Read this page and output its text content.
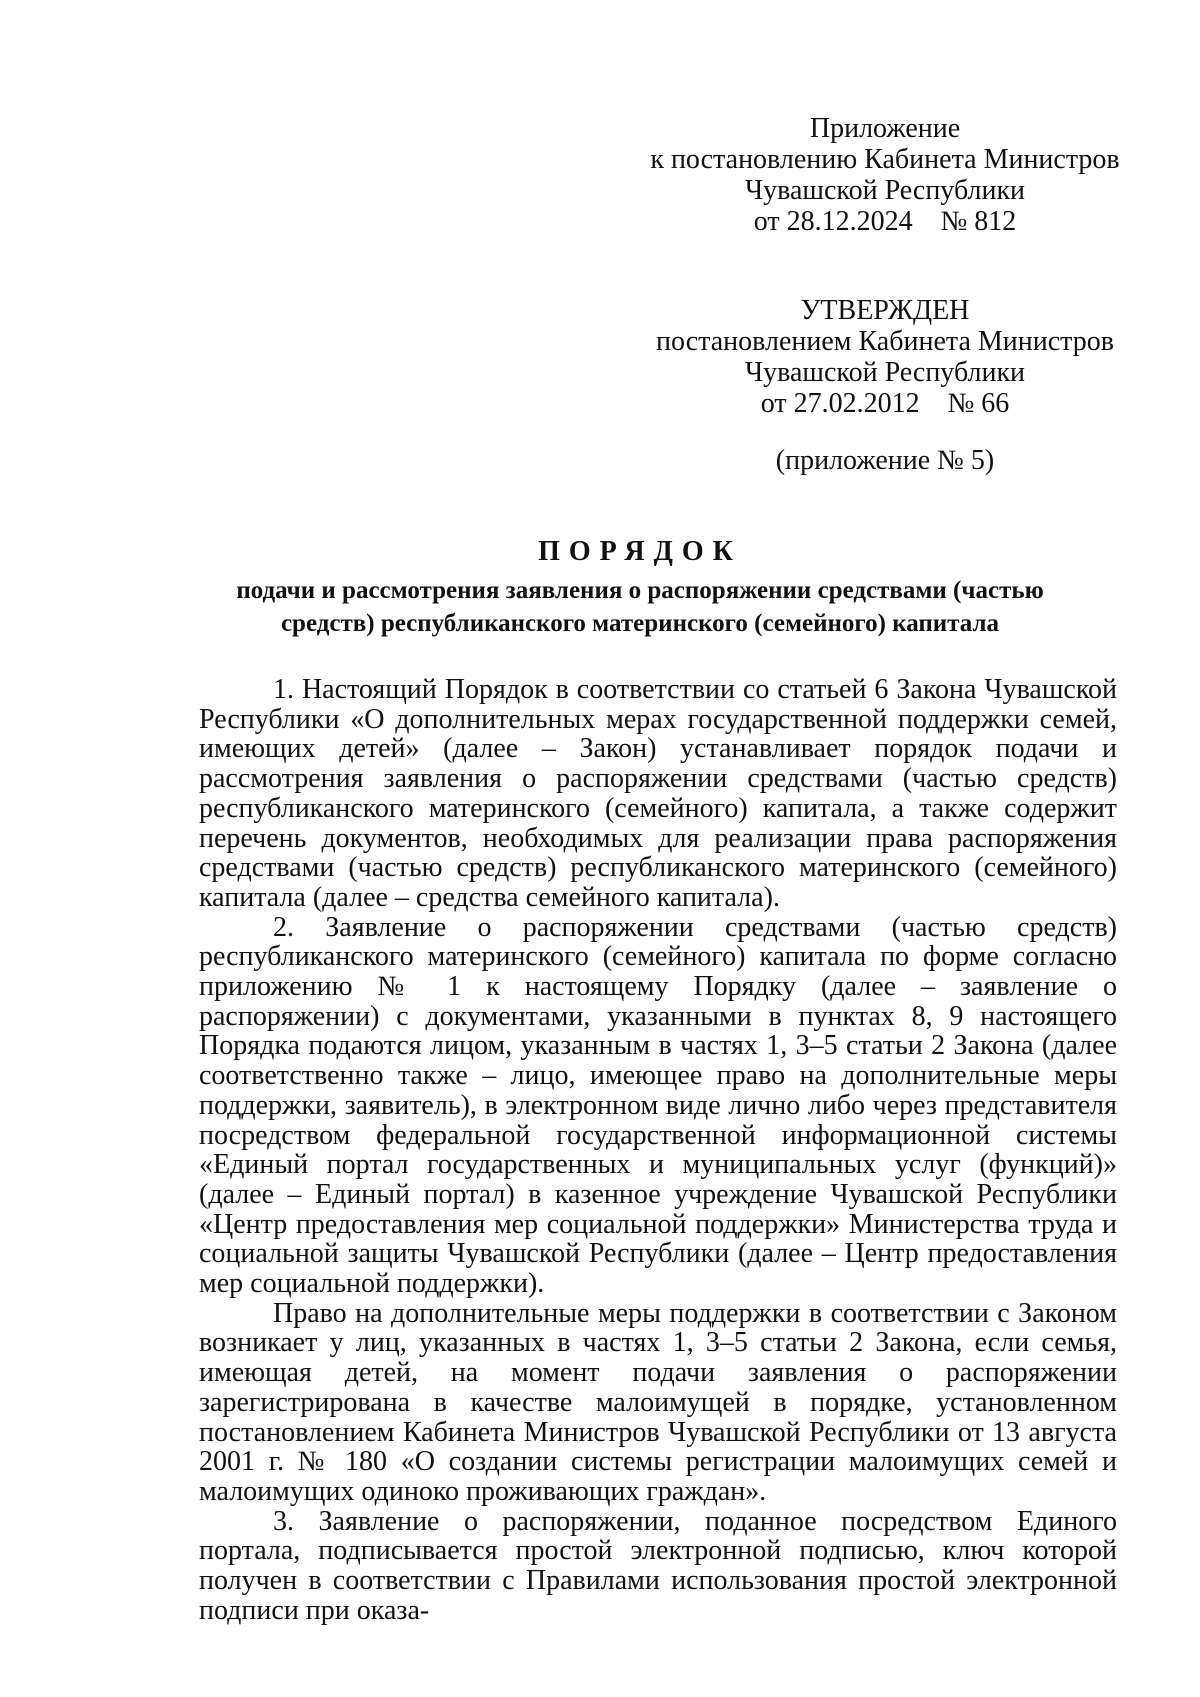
Приложение
к постановлению Кабинета Министров
Чувашской Республики
от 28.12.2024    № 812
УТВЕРЖДЕН
постановлением Кабинета Министров
Чувашской Республики
от 27.02.2012    № 66
(приложение № 5)
ПОРЯДОК
подачи и рассмотрения заявления о распоряжении средствами (частью
средств) республиканского материнского (семейного) капитала

1. Настоящий Порядок в соответствии со статьей 6 Закона Чувашской Республики «О дополнительных мерах государственной поддержки семей, имеющих детей» (далее – Закон) устанавливает порядок подачи и рассмотрения заявления о распоряжении средствами (частью средств) республиканского материнского (семейного) капитала, а также содержит перечень документов, необходимых для реализации права распоряжения средствами (частью средств) республиканского материнского (семейного) капитала (далее – средства семейного капитала).

2. Заявление о распоряжении средствами (частью средств) республиканского материнского (семейного) капитала по форме согласно приложению № 1 к настоящему Порядку (далее – заявление о распоряжении) с документами, указанными в пунктах 8, 9 настоящего Порядка подаются лицом, указанным в частях 1, 3–5 статьи 2 Закона (далее соответственно также – лицо, имеющее право на дополнительные меры поддержки, заявитель), в электронном виде лично либо через представителя посредством федеральной государственной информационной системы «Единый портал государственных и муниципальных услуг (функций)» (далее – Единый портал) в казенное учреждение Чувашской Республики «Центр предоставления мер социальной поддержки» Министерства труда и социальной защиты Чувашской Республики (далее – Центр предоставления мер социальной поддержки).

Право на дополнительные меры поддержки в соответствии с Законом возникает у лиц, указанных в частях 1, 3–5 статьи 2 Закона, если семья, имеющая детей, на момент подачи заявления о распоряжении зарегистрирована в качестве малоимущей в порядке, установленном постановлением Кабинета Министров Чувашской Республики от 13 августа 2001 г. № 180 «О создании системы регистрации малоимущих семей и малоимущих одиноко проживающих граждан».

3. Заявление о распоряжении, поданное посредством Единого портала, подписывается простой электронной подписью, ключ которой получен в соответствии с Правилами использования простой электронной подписи при оказа-
